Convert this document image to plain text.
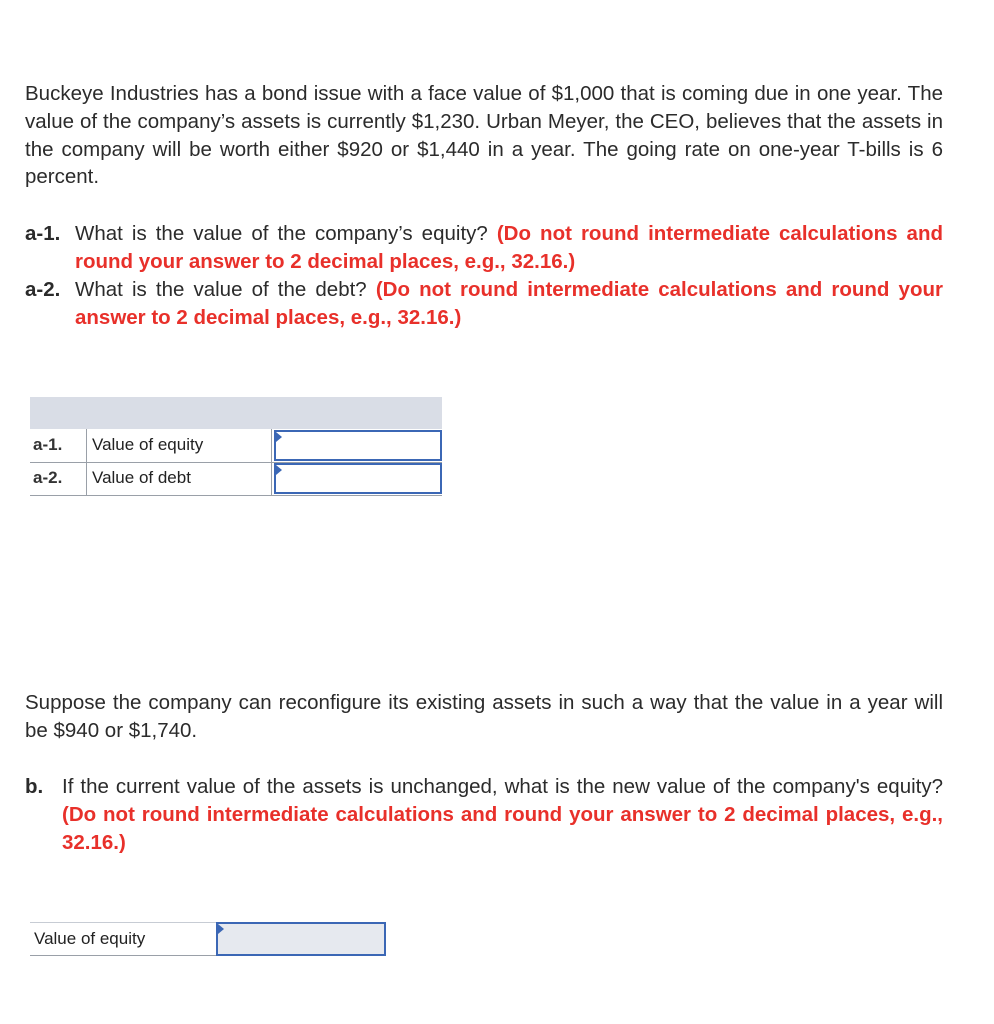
Buckeye Industries has a bond issue with a face value of $1,000 that is coming due in one year. The value of the company’s assets is currently $1,230. Urban Meyer, the CEO, believes that the assets in the company will be worth either $920 or $1,440 in a year. The going rate on one-year T-bills is 6 percent.

a-1. What is the value of the company’s equity? (Do not round intermediate calculations and round your answer to 2 decimal places, e.g., 32.16.)
a-2. What is the value of the debt? (Do not round intermediate calculations and round your answer to 2 decimal places, e.g., 32.16.)
a-1.	Value of equity
a-2.	Value of debt

Suppose the company can reconfigure its existing assets in such a way that the value in a year will be $940 or $1,740.

b. If the current value of the assets is unchanged, what is the new value of the company's equity? (Do not round intermediate calculations and round your answer to 2 decimal places, e.g., 32.16.)
Value of equity
